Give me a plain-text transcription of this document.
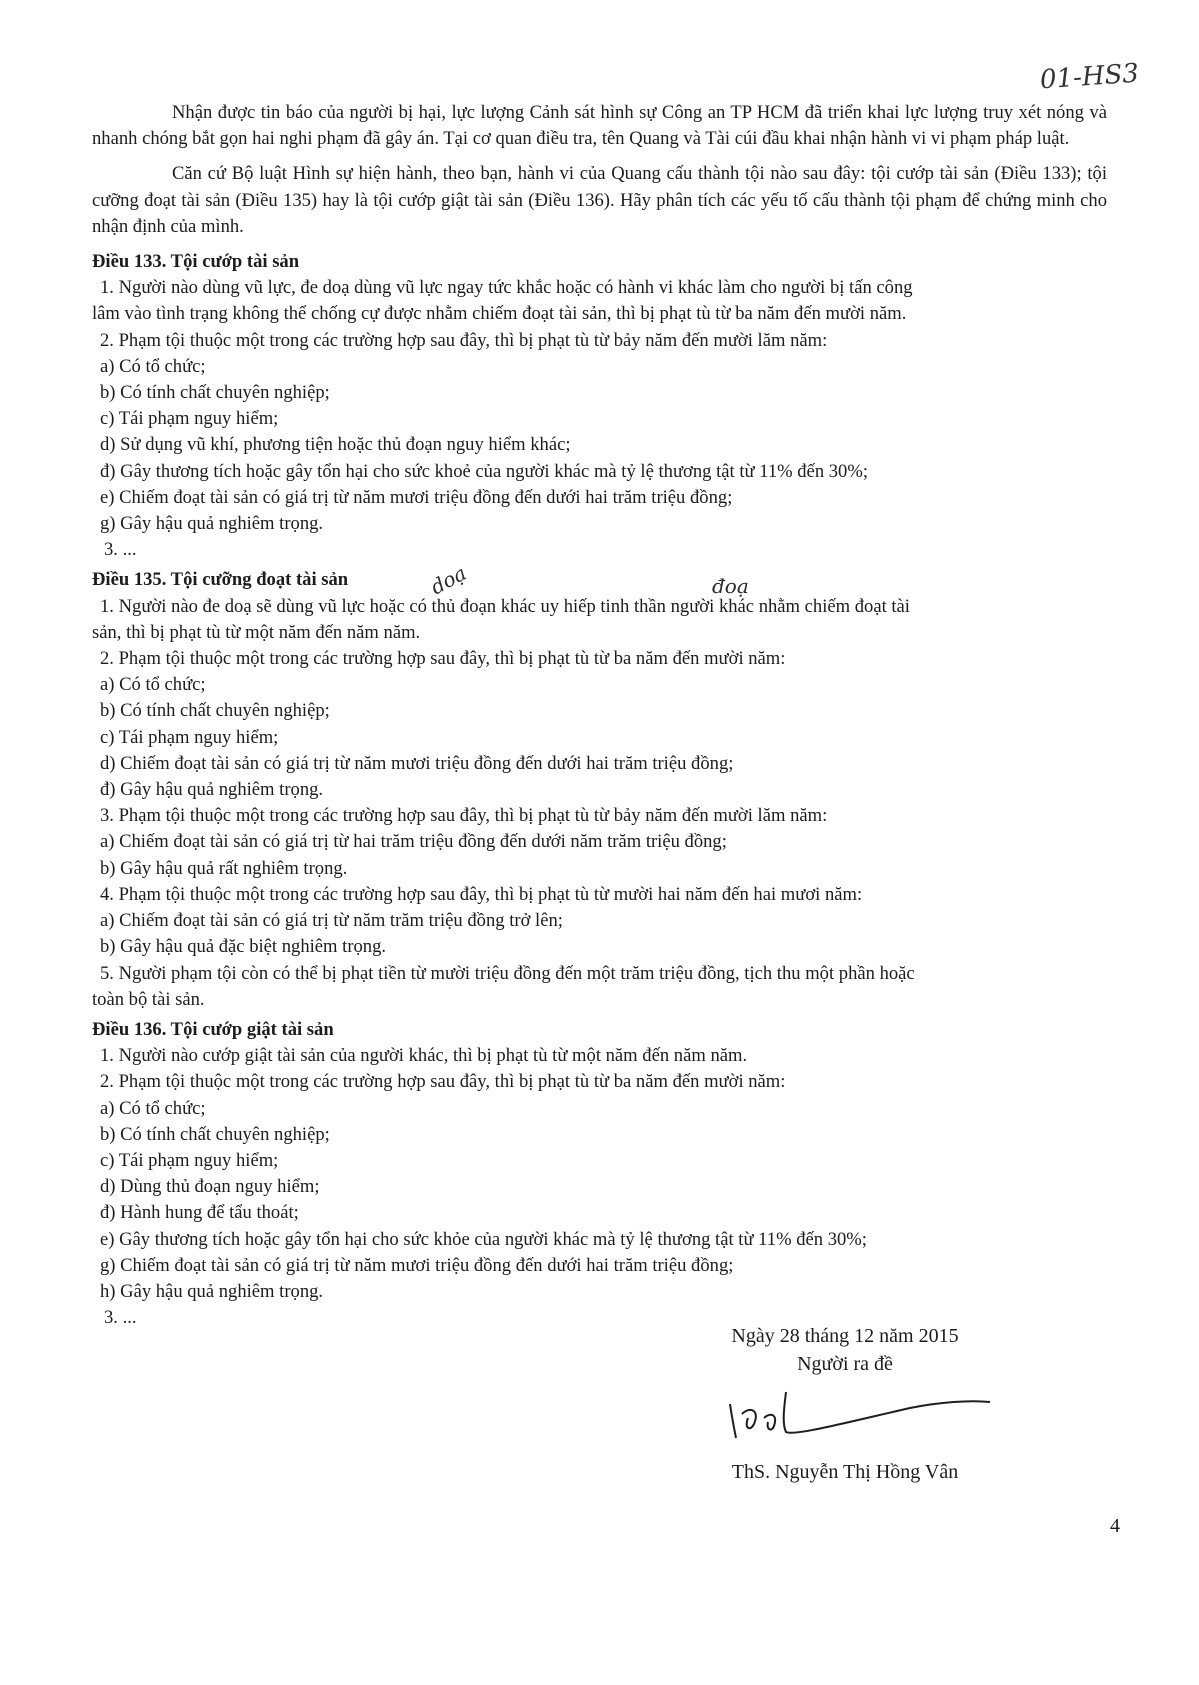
01-HS3

Nhận được tin báo của người bị hại, lực lượng Cảnh sát hình sự Công an TP HCM đã triển khai lực lượng truy xét nóng và nhanh chóng bắt gọn hai nghi phạm đã gây án. Tại cơ quan điều tra, tên Quang và Tài cúi đầu khai nhận hành vi vi phạm pháp luật.

Căn cứ Bộ luật Hình sự hiện hành, theo bạn, hành vi của Quang cấu thành tội nào sau đây: tội cướp tài sản (Điều 133); tội cưỡng đoạt tài sản (Điều 135) hay là tội cướp giật tài sản (Điều 136). Hãy phân tích các yếu tố cấu thành tội phạm để chứng minh cho nhận định của mình.

Điều 133. Tội cướp tài sản

1. Người nào dùng vũ lực, đe doạ dùng vũ lực ngay tức khắc hoặc có hành vi khác làm cho người bị tấn công

lâm vào tình trạng không thể chống cự được nhằm chiếm đoạt tài sản, thì bị phạt tù từ ba năm đến mười năm.

2. Phạm tội thuộc một trong các trường hợp sau đây, thì bị phạt tù từ bảy năm đến mười lăm năm:

a) Có tổ chức;

b) Có tính chất chuyên nghiệp;

c) Tái phạm nguy hiểm;

d) Sử dụng vũ khí, phương tiện hoặc thủ đoạn nguy hiểm khác;

đ) Gây thương tích hoặc gây tổn hại cho sức khoẻ của người khác mà tỷ lệ thương tật từ 11% đến 30%;

e) Chiếm đoạt tài sản có giá trị từ năm mươi triệu đồng đến dưới hai trăm triệu đồng;

g) Gây hậu quả nghiêm trọng.

3. ...

Điều 135. Tội cưỡng đoạt tài sản

1. Người nào đe doạ sẽ dùng vũ lực hoặc có thủ đoạn khác uy hiếp tinh thần người khác nhằm chiếm đoạt tài

sản, thì bị phạt tù từ một năm đến năm năm.

2. Phạm tội thuộc một trong các trường hợp sau đây, thì bị phạt tù từ ba năm đến mười năm:

a) Có tổ chức;

b) Có tính chất chuyên nghiệp;

c) Tái phạm nguy hiểm;

d) Chiếm đoạt tài sản có giá trị từ năm mươi triệu đồng đến dưới hai trăm triệu đồng;

đ) Gây hậu quả nghiêm trọng.

3. Phạm tội thuộc một trong các trường hợp sau đây, thì bị phạt tù từ bảy năm đến mười lăm năm:

a) Chiếm đoạt tài sản có giá trị từ hai trăm triệu đồng đến dưới năm trăm triệu đồng;

b) Gây hậu quả rất nghiêm trọng.

4. Phạm tội thuộc một trong các trường hợp sau đây, thì bị phạt tù từ mười hai năm đến hai mươi năm:

a) Chiếm đoạt tài sản có giá trị từ năm trăm triệu đồng trở lên;

b) Gây hậu quả đặc biệt nghiêm trọng.

5. Người phạm tội còn có thể bị phạt tiền từ mười triệu đồng đến một trăm triệu đồng, tịch thu một phần hoặc

toàn bộ tài sản.

Điều 136. Tội cướp giật tài sản

1. Người nào cướp giật tài sản của người khác, thì bị phạt tù từ một năm đến năm năm.

2. Phạm tội thuộc một trong các trường hợp sau đây, thì bị phạt tù từ ba năm đến mười năm:

a) Có tổ chức;

b) Có tính chất chuyên nghiệp;

c) Tái phạm nguy hiểm;

d) Dùng thủ đoạn nguy hiểm;

đ) Hành hung để tẩu thoát;

e) Gây thương tích hoặc gây tổn hại cho sức khỏe của người khác mà tỷ lệ thương tật từ 11% đến 30%;

g) Chiếm đoạt tài sản có giá trị từ năm mươi triệu đồng đến dưới hai trăm triệu đồng;

h) Gây hậu quả nghiêm trọng.

3. ...

doạ	đoạ

Ngày 28 tháng 12 năm 2015

Người ra đề

ThS. Nguyễn Thị Hồng Vân

4
